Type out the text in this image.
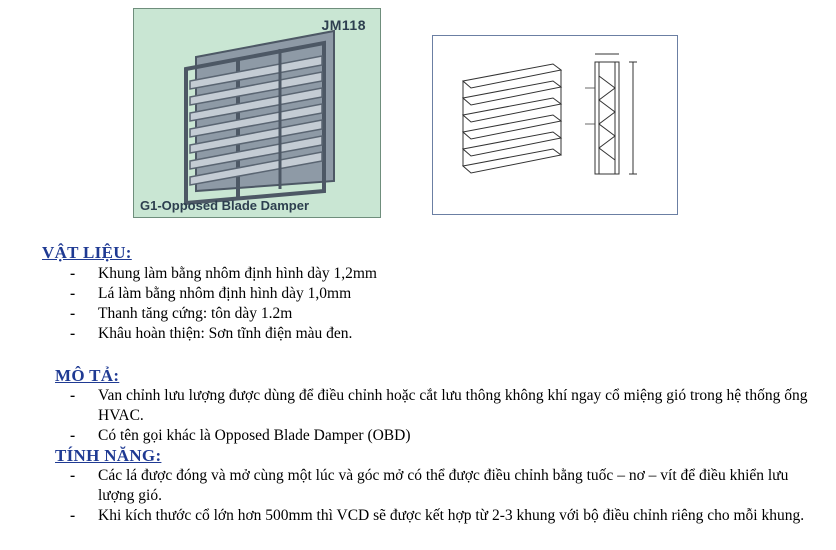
JM118
G1-Opposed Blade Damper
VẬT LIỆU:
- Khung làm bằng nhôm định hình dày 1,2mm
- Lá làm bằng nhôm định hình dày 1,0mm
- Thanh tăng cứng: tôn dày 1.2m
- Khâu hoàn thiện: Sơn tĩnh điện màu đen.
MÔ TẢ:
- Van chỉnh lưu lượng được dùng để điều chỉnh hoặc cắt lưu thông không khí ngay cổ miệng gió trong hệ thống ống HVAC.
- Có tên gọi khác là Opposed Blade Damper (OBD)
TÍNH NĂNG:
- Các lá được đóng và mở cùng một lúc và góc mở có thể được điều chỉnh bằng tuốc – nơ – vít để điều khiển lưu lượng gió.
- Khi kích thước cổ lớn hơn 500mm thì VCD sẽ được kết hợp từ 2-3 khung với bộ điều chỉnh riêng cho mỗi khung.
